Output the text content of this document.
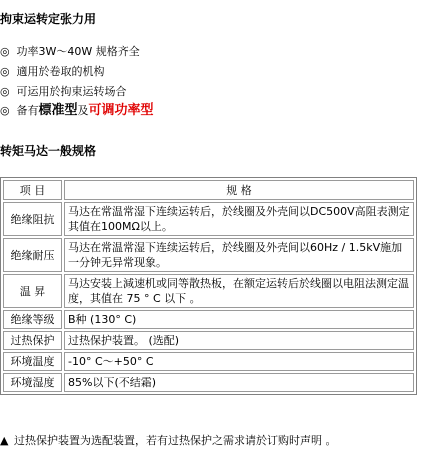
拘束运转定张力用
◎ 功率3W～40W 规格齐全
◎ 適用於卷取的机构
◎ 可运用於拘束运转场合
◎ 备有標准型及可调功率型
转矩马达一般规格
项 目	规 格
绝缘阻抗	马达在常温常湿下连续运转后，於线圈及外壳间以DC500V高阻表测定其值在100MΩ以上。
绝缘耐压	马达在常温常湿下连续运转后，於线圈及外壳间以60Hz / 1.5kV施加一分钟无异常现象。
温 昇	马达安装上減速机或同等散热板，在额定运转后於线圈以电阻法测定温度，其值在 75 ° C 以下 。
绝缘等级	B种 (130° C)
过热保护	过热保护装置。 (选配)
环境温度	-10° C～+50° C
环境湿度	85%以下(不结霜)
▲ 过热保护装置为选配装置，若有过热保护之需求请於订购时声明 。
